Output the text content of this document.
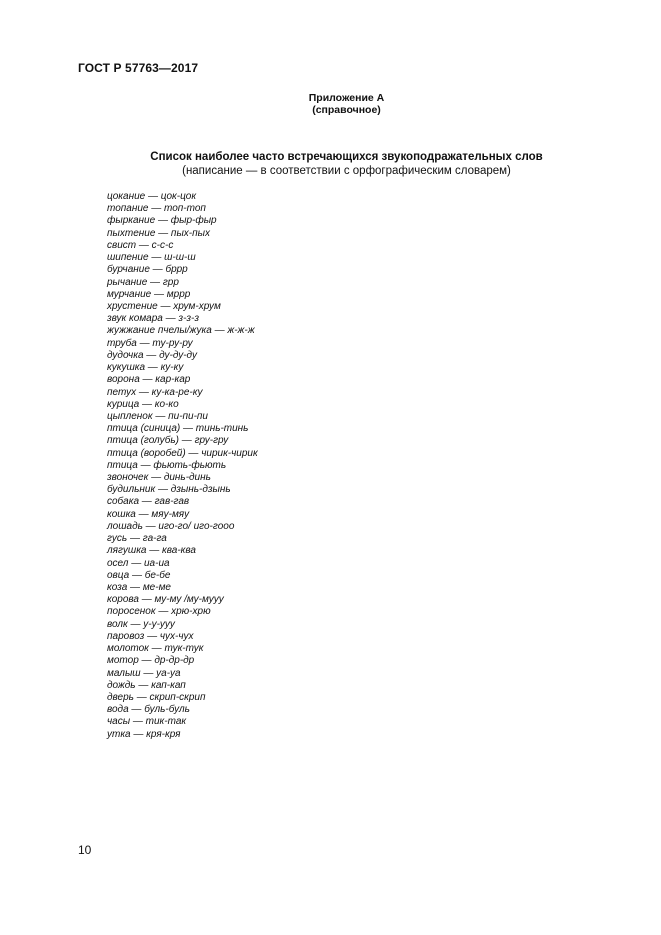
ГОСТ Р 57763—2017
Приложение А
(справочное)
Список наиболее часто встречающихся звукоподражательных слов
(написание — в соответствии с орфографическим словарем)
цокание — цок-цок
топание — топ-топ
фыркание — фыр-фыр
пыхтение — пых-пых
свист — с-с-с
шипение — ш-ш-ш
бурчание — бррр
рычание — грр
мурчание — мррр
хрустение — хрум-хрум
звук комара — з-з-з
жужжание пчелы/жука — ж-ж-ж
труба — ту-ру-ру
дудочка — ду-ду-ду
кукушка — ку-ку
ворона — кар-кар
петух — ку-ка-ре-ку
курица — ко-ко
цыпленок — пи-пи-пи
птица (синица) — тинь-тинь
птица (голубь) — гру-гру
птица (воробей) — чирик-чирик
птица — фьють-фьють
звоночек — динь-динь
будильник — дзынь-дзынь
собака — гав-гав
кошка — мяу-мяу
лошадь — иго-го/ иго-гооо
гусь — га-га
лягушка — ква-ква
осел — иа-иа
овца — бе-бе
коза — ме-ме
корова — му-му /му-мууу
поросенок — хрю-хрю
волк — у-у-ууу
паровоз — чух-чух
молоток — тук-тук
мотор — др-др-др
малыш — уа-уа
дождь — кап-кап
дверь — скрип-скрип
вода — буль-буль
часы — тик-так
утка — кря-кря
10
